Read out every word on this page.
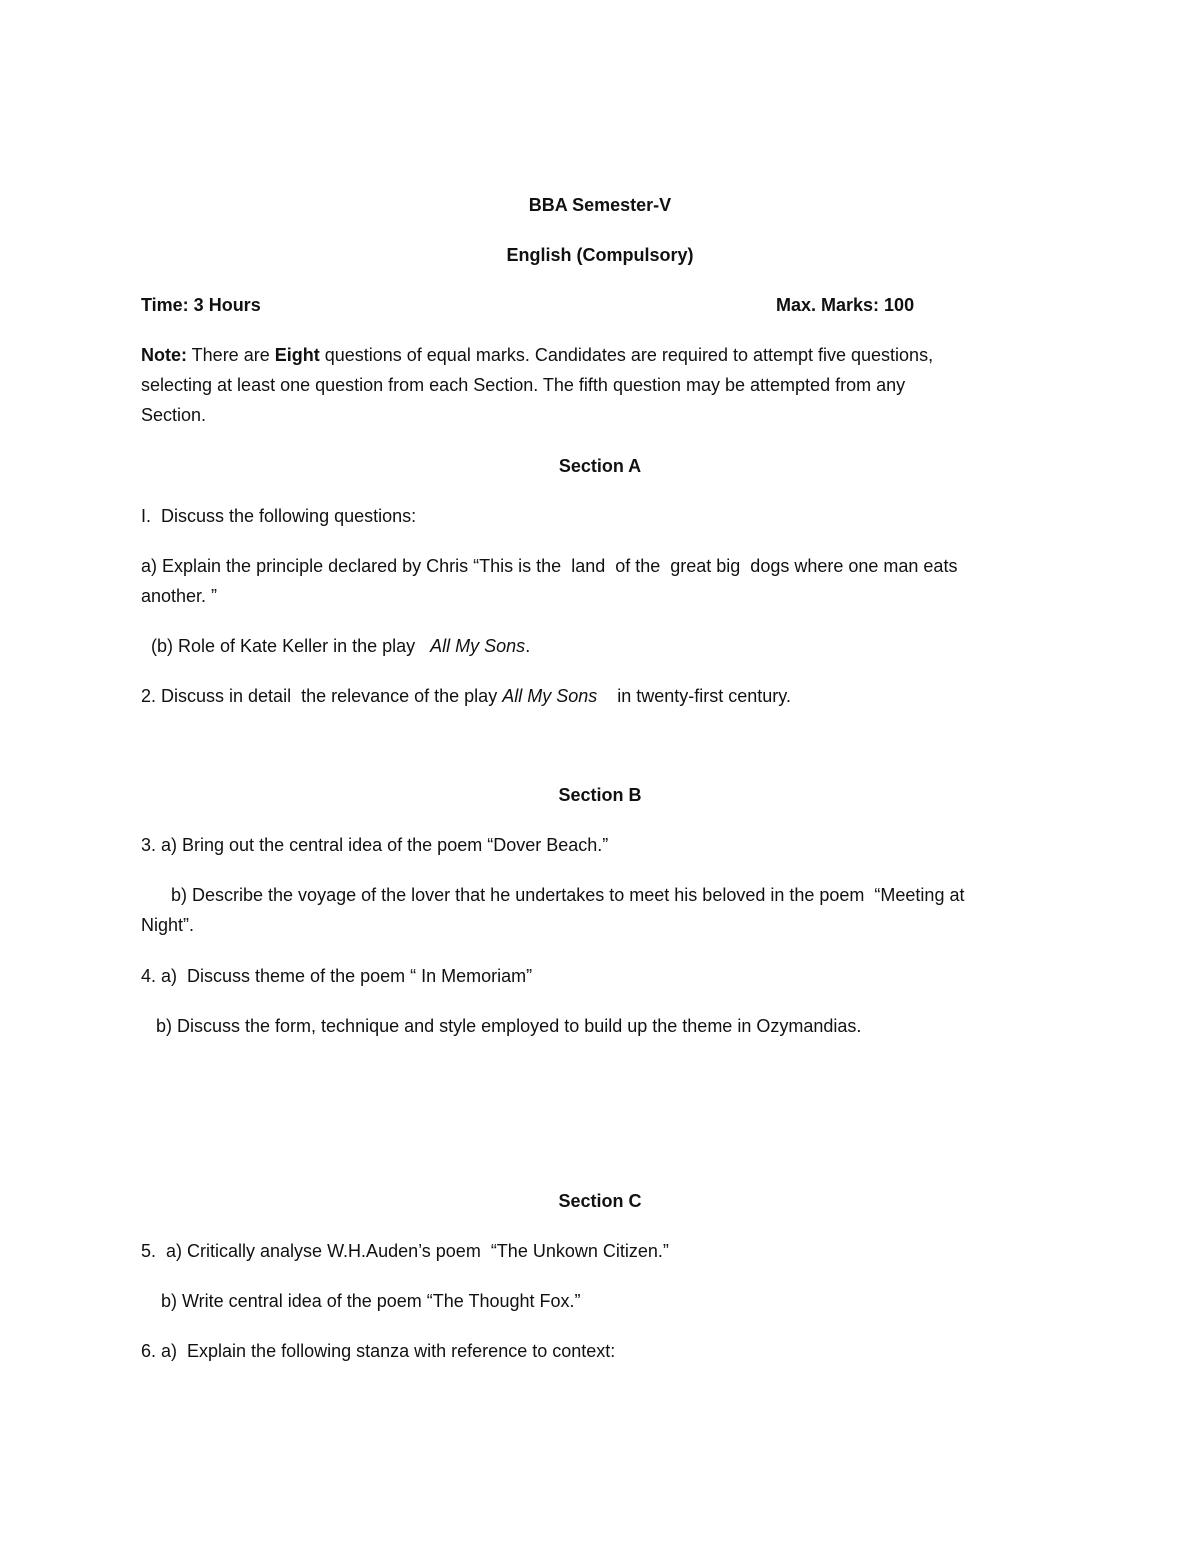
BBA Semester-V
English (Compulsory)
Time: 3 Hours	Max. Marks: 100
Note: There are Eight questions of equal marks. Candidates are required to attempt five questions,
selecting at least one question from each Section. The fifth question may be attempted from any
Section.
Section A
I.  Discuss the following questions:
a) Explain the principle declared by Chris “This is the  land  of the  great big  dogs where one man eats
another. ”
(b) Role of Kate Keller in the play   All My Sons.
2. Discuss in detail  the relevance of the play All My Sons    in twenty-first century.
Section B
3. a) Bring out the central idea of the poem “Dover Beach.”
b) Describe the voyage of the lover that he undertakes to meet his beloved in the poem  “Meeting at
Night”.
4. a)  Discuss theme of the poem “ In Memoriam”
b) Discuss the form, technique and style employed to build up the theme in Ozymandias.
Section C
5.  a) Critically analyse W.H.Auden’s poem  “The Unkown Citizen.”
b) Write central idea of the poem “The Thought Fox.”
6. a)  Explain the following stanza with reference to context:
